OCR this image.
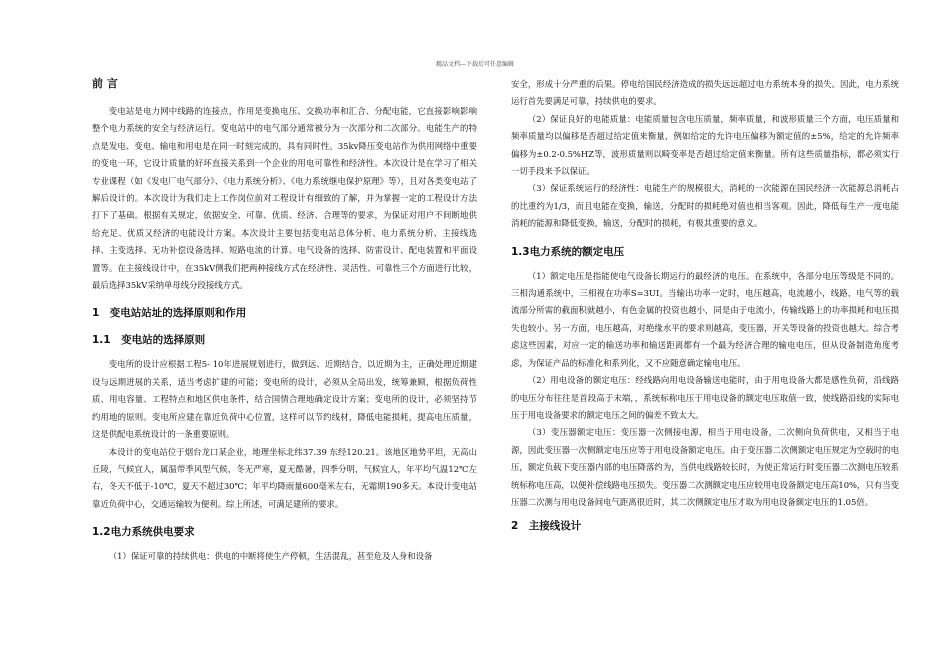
精品文档---下载后可任意编辑

前 言

变电站是电力网中线路的连接点，作用是变换电压、交换功率和汇合、分配电能，它直接影响影响整个电力系统的安全与经济运行。变电站中的电气部分通常被分为一次部分和二次部分。电能生产的特点是发电、变电、输电和用电是在同一时刻完成的，具有同时性。35kv降压变电站作为供用网络中重要的变电一环，它设计质量的好坏直接关系到一个企业的用电可靠性和经济性。本次设计是在学习了相关专业课程（如《发电厂电气部分》、《电力系统分析》、《电力系统继电保护原理》等），且对各类变电站了解后设计的。本次设计为我们走上工作岗位前对工程设计有细致的了解，并为掌握一定的工程设计方法打下了基础。根据有关规定，依据安全、可靠、优质、经济、合理等的要求，为保证对用户不间断地供给充足、优质又经济的电能设计方案。本次设计主要包括变电站总体分析、电力系统分析、主接线选择、主变选择、无功补偿设备选择、短路电流的计算、电气设备的选择、防雷设计、配电装置和平面设置等。在主接线设计中，在35kV侧我们把两种接线方式在经济性、灵活性、可靠性三个方面进行比较，最后选择35kV采纳单母线分段接线方式。

1　变电站站址的选择原则和作用

1.1　变电站的选择原则

变电所的设计应根据工程5- 10年进展规划进行，做到远、近期结合，以近期为主，正确处理近期建设与远期进展的关系，适当考虑扩建的可能；变电所的设计，必须从全局出发，统筹兼顾，根据负荷性质、用电容量、工程特点和地区供电条件，结合国情合理地确定设计方案；变电所的设计，必须坚持节约用地的原则。变电所应建在靠近负荷中心位置，这样可以节约线材，降低电能损耗，提高电压质量，这是供配电系统设计的一条重要原则。

本设计的变电站位于烟台龙口某企业，地理坐标北纬37.39 东经120.21。该地区地势平坦，无高山丘陵，气候宜人，属温带季风型气候，冬无严寒，夏无酷暑，四季分明，气候宜人，年平均气温12℃左右，冬天不低于-10℃，夏天不超过30℃；年平均降雨量600毫米左右，无霜期190多天。本设计变电站靠近负荷中心，交通运输较为便利。综上所述，可满足建所的要求。

1.2电力系统供电要求

（1）保证可靠的持续供电：供电的中断将使生产停顿，生活混乱，甚至危及人身和设备

安全，形成十分严重的后果。停电给国民经济造成的损失远远超过电力系统本身的损失。因此，电力系统运行首先要满足可靠，持续供电的要求。

（2）保证良好的电能质量：电能质量包含电压质量，频率质量，和波形质量三个方面，电压质量和频率质量均以偏移是否超过给定值来衡量，例如给定的允许电压偏移为额定值的±5%，给定的允许频率偏移为±0.2-0.5%HZ等，波形质量则以畸变率是否超过给定值来衡量。所有这些质量指标，都必须实行一切手段来予以保证。

（3）保证系统运行的经济性：电能生产的规模很大，消耗的一次能源在国民经济一次能源总消耗占的比重约为1/3，而且电能在变换，输送，分配时的损耗绝对值也相当客观。因此，降低每生产一度电能消耗的能源和降低变换，输送，分配时的损耗，有极其重要的意义。

1.3电力系统的额定电压

（1）额定电压是指能使电气设备长期运行的最经济的电压。在系统中，各部分电压等级是不同的。三相沟通系统中，三相视在功率S=3UI。当输出功率一定时，电压越高，电流越小，线路，电气等的载流部分所需的截面积就越小，有色金属的投资也越小，同是由于电流小，传输线路上的功率损耗和电压损失也较小。另一方面，电压越高，对绝缘水平的要求则越高，变压器，开关等设备的投资也越大。综合考虑这些因素，对应一定的输送功率和输送距离都有一个最为经济合理的输电电压，但从设备制造角度考虑，为保证产品的标准化和系列化，又不应随意确定输电电压。

（2）用电设备的额定电压：经线路向用电设备输送电能时，由于用电设备大都是感性负荷，沿线路的电压分布往往是首段高于末端，，系统标称电压于用电设备的额定电压取值一致，使线路沿线的实际电压于用电设备要求的额定电压之间的偏差不致太大。

（3）变压器额定电压：变压器一次侧接电源，相当于用电设备，二次侧向负荷供电，又相当于电源，因此变压器一次侧额定电压应等于用电设备额定电压。由于变压器二次侧额定电压规定为空载时的电压，额定负载下变压器内部的电压降落约为，当供电线路较长时，为使正常运行时变压器二次测电压较系统标称电压高，以便补偿线路电压损失。变压器二次测额定电压应较用电设备额定电压高10%，只有当变压器二次测与用电设备间电气距离很近时，其二次侧额定电压才取为用电设备额定电压的1.05倍。

2　主接线设计
